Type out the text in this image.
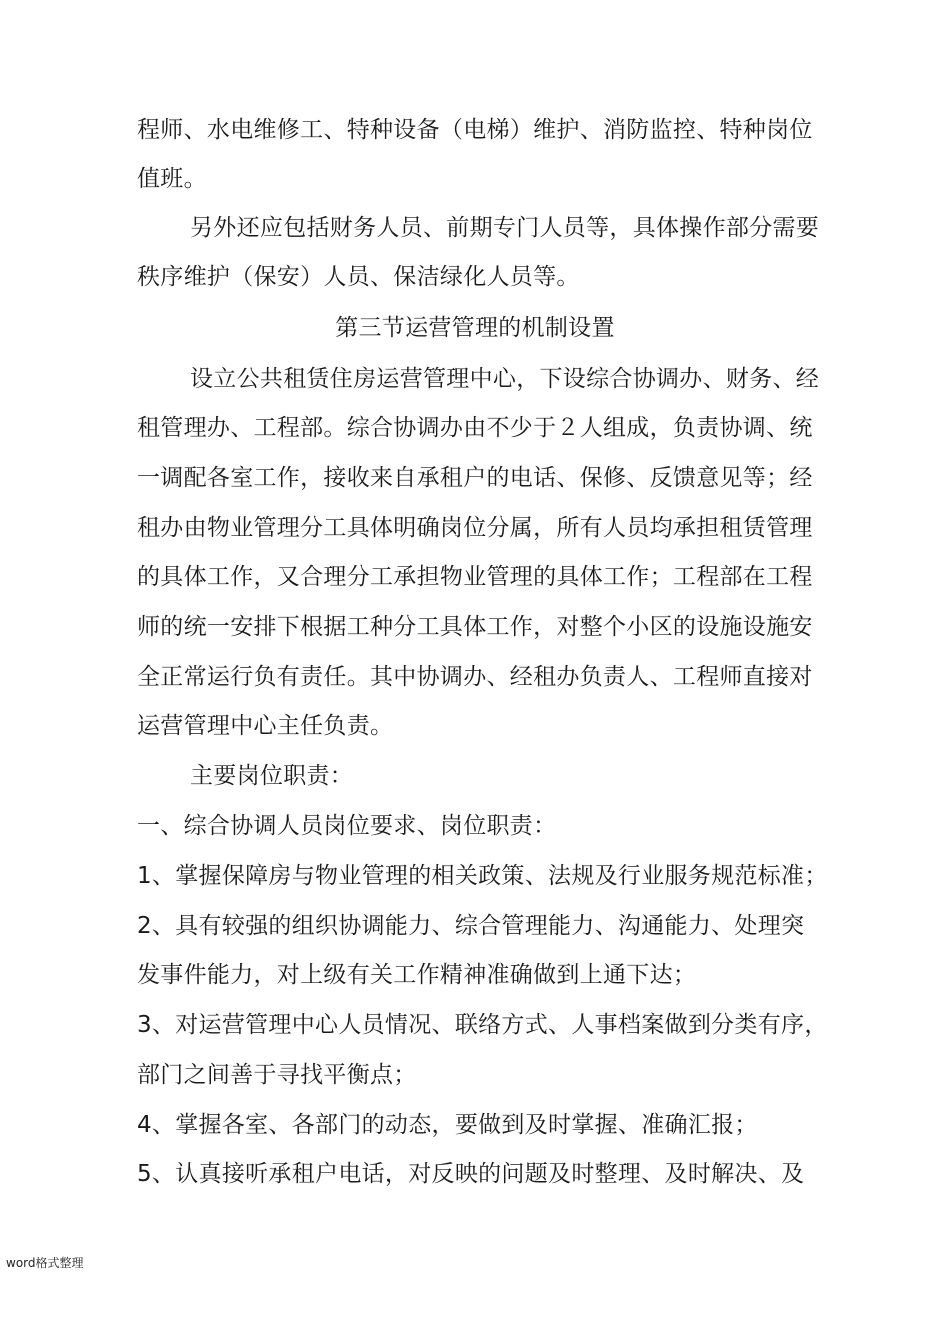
程师、水电维修工、特种设备（电梯）维护、消防监控、特种岗位
值班。
另外还应包括财务人员、前期专门人员等，具体操作部分需要
秩序维护（保安）人员、保洁绿化人员等。
第三节运营管理的机制设置
设立公共租赁住房运营管理中心，下设综合协调办、财务、经
租管理办、工程部。综合协调办由不少于２人组成，负责协调、统
一调配各室工作，接收来自承租户的电话、保修、反馈意见等；经
租办由物业管理分工具体明确岗位分属，所有人员均承担租赁管理
的具体工作，又合理分工承担物业管理的具体工作；工程部在工程
师的统一安排下根据工种分工具体工作，对整个小区的设施设施安
全正常运行负有责任。其中协调办、经租办负责人、工程师直接对
运营管理中心主任负责。
主要岗位职责：
一、综合协调人员岗位要求、岗位职责：
1、掌握保障房与物业管理的相关政策、法规及行业服务规范标准；
2、具有较强的组织协调能力、综合管理能力、沟通能力、处理突
发事件能力，对上级有关工作精神准确做到上通下达；
3、对运营管理中心人员情况、联络方式、人事档案做到分类有序，
部门之间善于寻找平衡点；
4、掌握各室、各部门的动态，要做到及时掌握、准确汇报；
5、认真接听承租户电话，对反映的问题及时整理、及时解决、及
word格式整理
